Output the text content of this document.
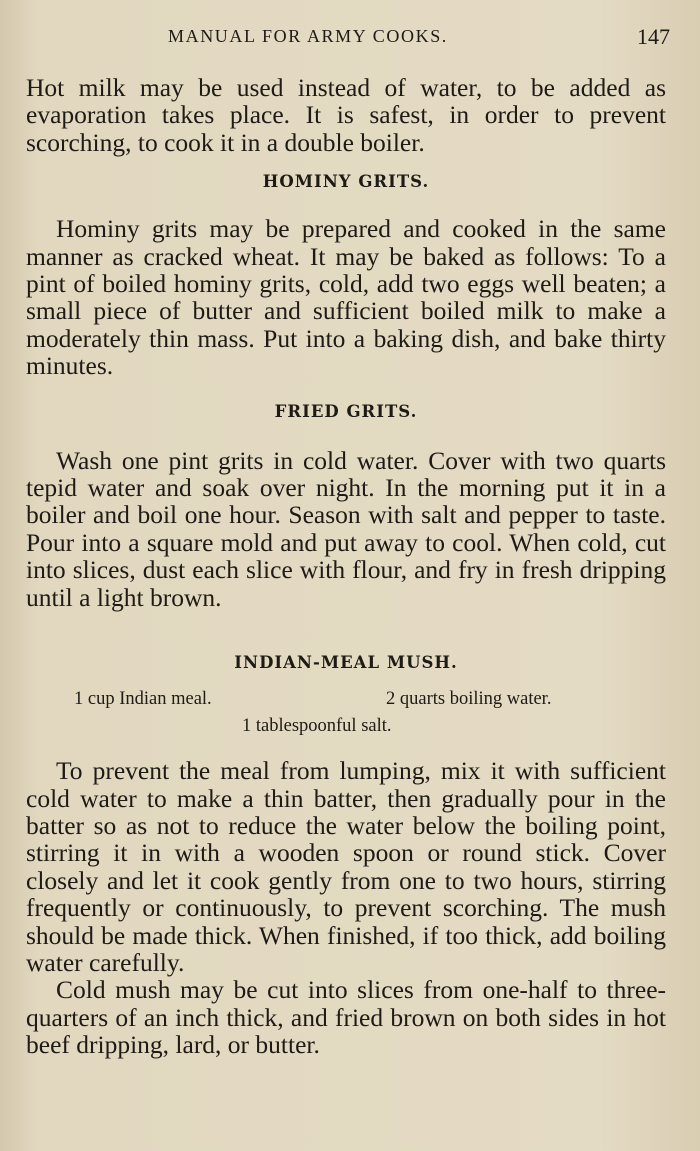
MANUAL FOR ARMY COOKS.	147

Hot milk may be used instead of water, to be added as evaporation takes place. It is safest, in order to prevent scorching, to cook it in a double boiler.

HOMINY GRITS.

Hominy grits may be prepared and cooked in the same manner as cracked wheat. It may be baked as follows: To a pint of boiled hominy grits, cold, add two eggs well beaten; a small piece of butter and sufficient boiled milk to make a moderately thin mass. Put into a baking dish, and bake thirty minutes.

FRIED GRITS.

Wash one pint grits in cold water. Cover with two quarts tepid water and soak over night. In the morning put it in a boiler and boil one hour. Season with salt and pepper to taste. Pour into a square mold and put away to cool. When cold, cut into slices, dust each slice with flour, and fry in fresh dripping until a light brown.

INDIAN-MEAL MUSH.
1 cup Indian meal.	2 quarts boiling water.
1 tablespoonful salt.

To prevent the meal from lumping, mix it with sufficient cold water to make a thin batter, then gradually pour in the batter so as not to reduce the water below the boiling point, stirring it in with a wooden spoon or round stick. Cover closely and let it cook gently from one to two hours, stirring frequently or continuously, to prevent scorching. The mush should be made thick. When finished, if too thick, add boiling water carefully.

Cold mush may be cut into slices from one-half to three-quarters of an inch thick, and fried brown on both sides in hot beef dripping, lard, or butter.
